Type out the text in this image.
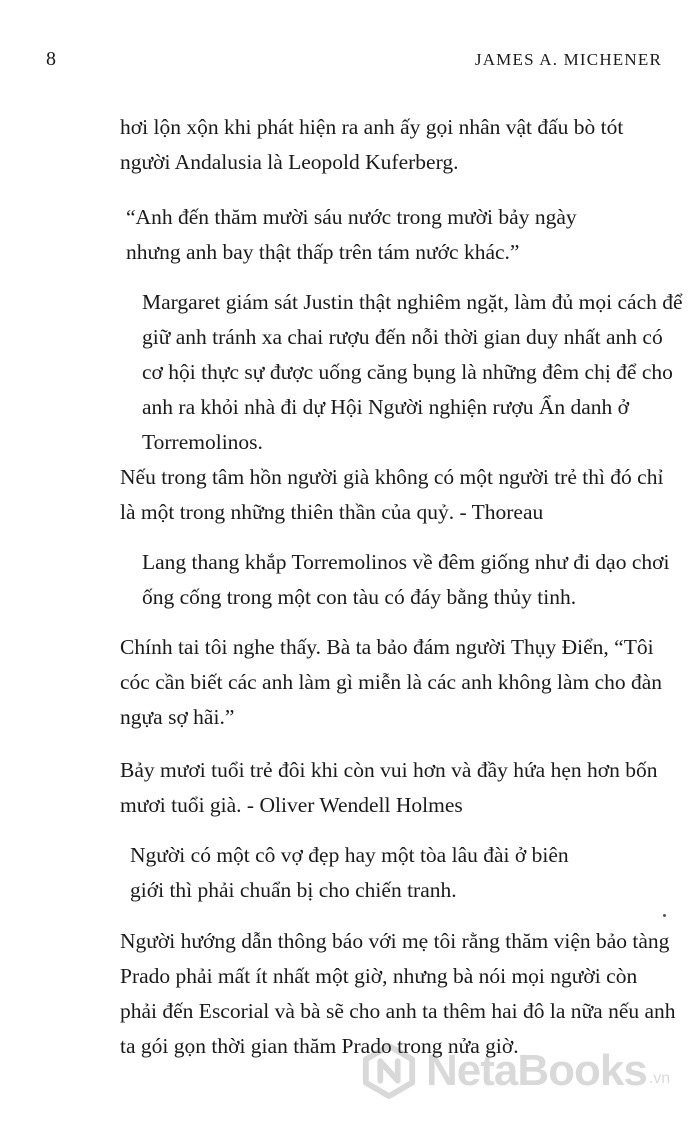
8	JAMES A. MICHENER

hơi lộn xộn khi phát hiện ra anh ấy gọi nhân vật đấu bò tót
người Andalusia là Leopold Kuferberg.

“Anh đến thăm mười sáu nước trong mười bảy ngày
nhưng anh bay thật thấp trên tám nước khác.”

Margaret giám sát Justin thật nghiêm ngặt, làm đủ mọi cách để
giữ anh tránh xa chai rượu đến nỗi thời gian duy nhất anh có
cơ hội thực sự được uống căng bụng là những đêm chị để cho
anh ra khỏi nhà đi dự Hội Người nghiện rượu Ẩn danh ở
Torremolinos.

Nếu trong tâm hồn người già không có một người trẻ thì đó chỉ
là một trong những thiên thần của quỷ. - Thoreau

Lang thang khắp Torremolinos về đêm giống như đi dạo chơi
ống cống trong một con tàu có đáy bằng thủy tinh.

Chính tai tôi nghe thấy. Bà ta bảo đám người Thụy Điển, “Tôi
cóc cần biết các anh làm gì miễn là các anh không làm cho đàn
ngựa sợ hãi.”

Bảy mươi tuổi trẻ đôi khi còn vui hơn và đầy hứa hẹn hơn bốn
mươi tuổi già. - Oliver Wendell Holmes

Người có một cô vợ đẹp hay một tòa lâu đài ở biên
giới thì phải chuẩn bị cho chiến tranh.

Người hướng dẫn thông báo với mẹ tôi rằng thăm viện bảo tàng
Prado phải mất ít nhất một giờ, nhưng bà nói mọi người còn
phải đến Escorial và bà sẽ cho anh ta thêm hai đô la nữa nếu anh
ta gói gọn thời gian thăm Prado trong nửa giờ.

NetaBooks .vn
